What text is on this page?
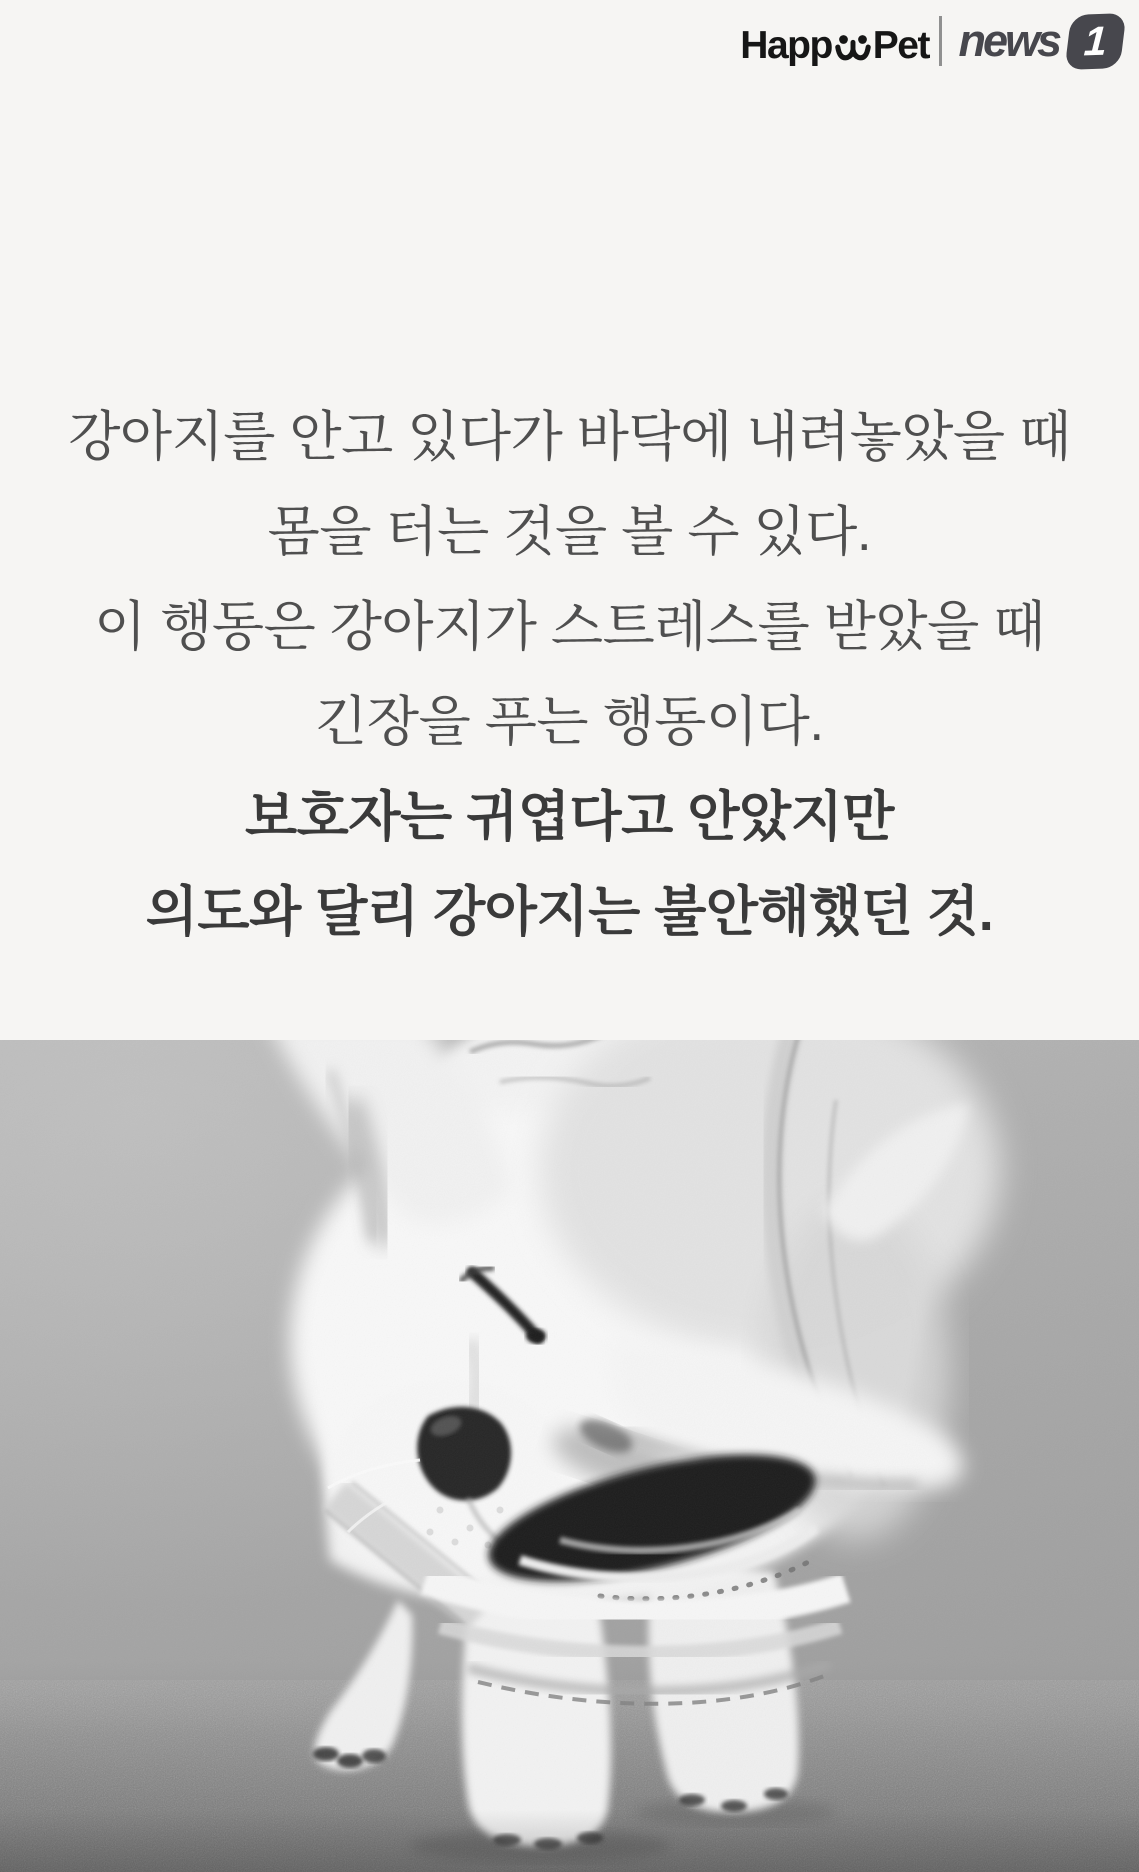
Happ Pet news 1

강아지를 안고 있다가 바닥에 내려놓았을 때

몸을 터는 것을 볼 수 있다.

이 행동은 강아지가 스트레스를 받았을 때

긴장을 푸는 행동이다.

보호자는 귀엽다고 안았지만

의도와 달리 강아지는 불안해했던 것.
